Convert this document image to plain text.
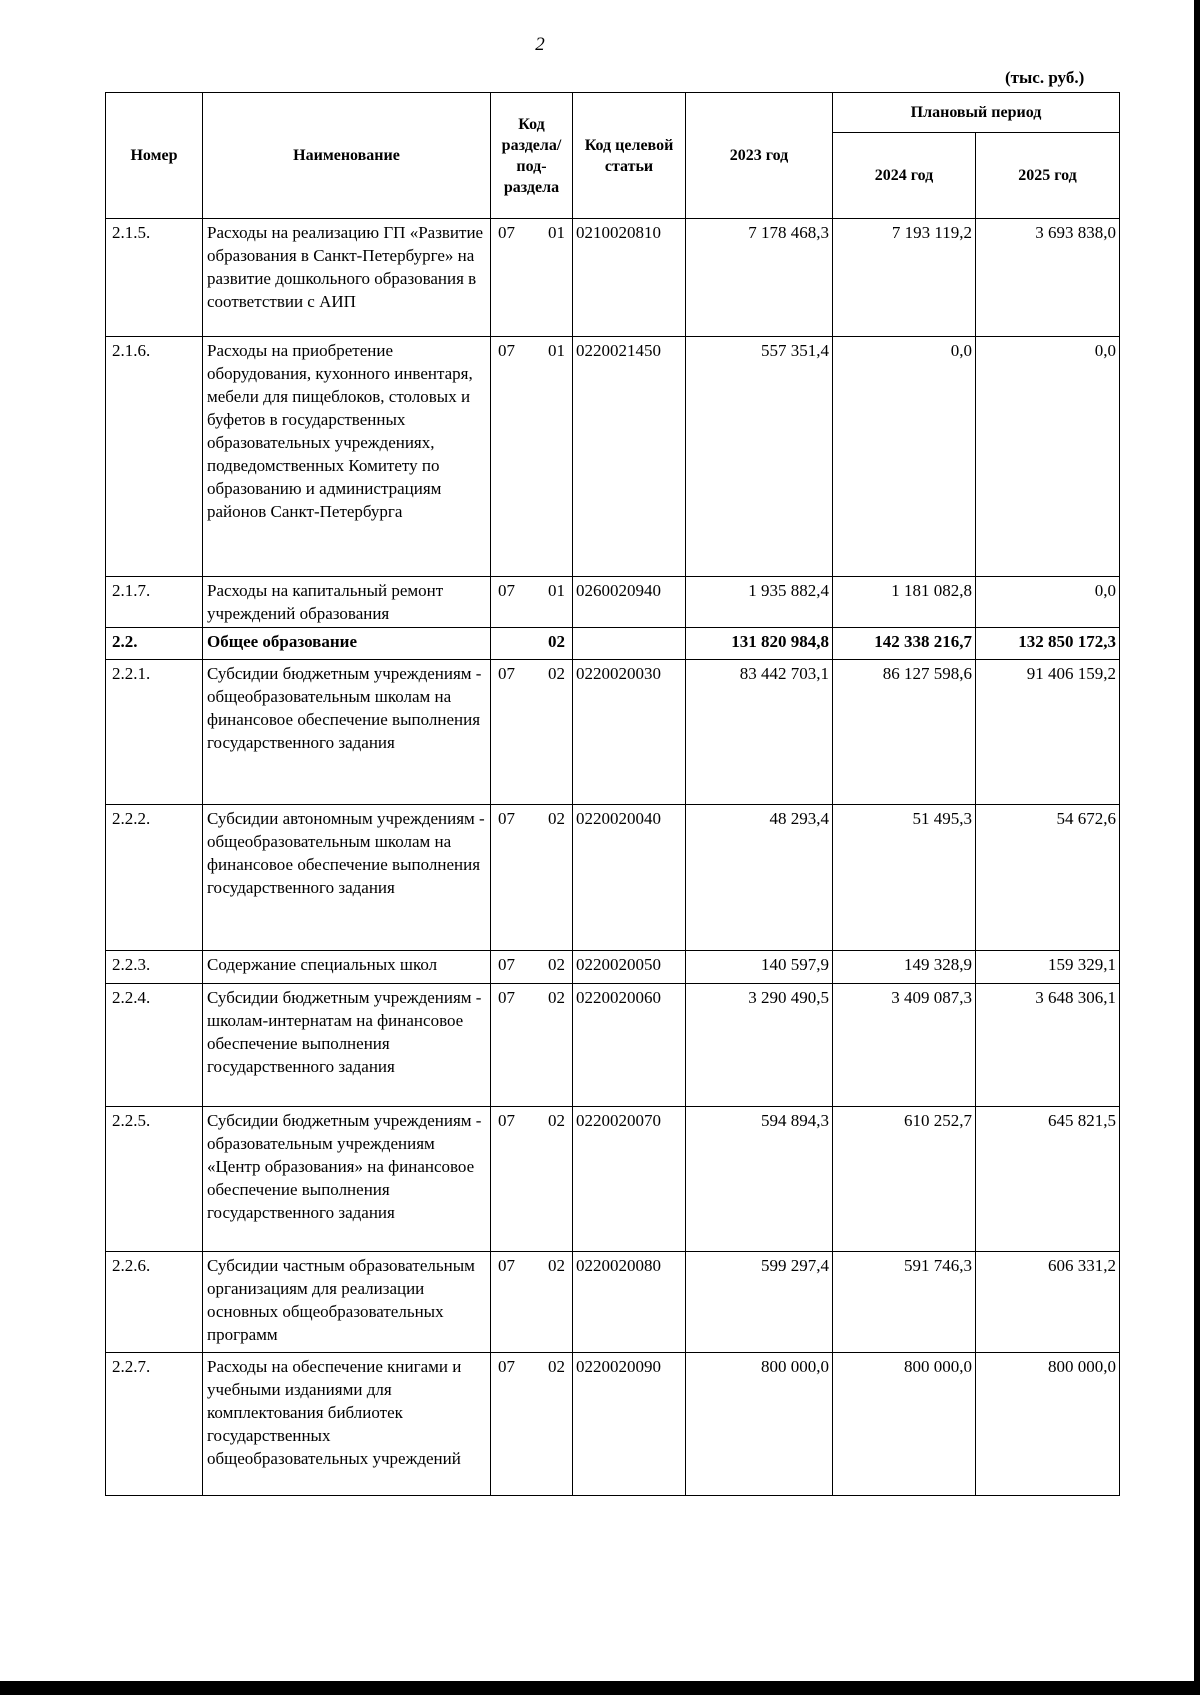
2
(тыс. руб.)
Номер	Наименование	Код раздела/ под-раздела	Код целевой статьи	2023 год	Плановый период	
					2024 год	2025 год
2.1.5.	Расходы на реализацию ГП «Развитие образования в Санкт-Петербурге» на развитие дошкольного образования в соответствии с АИП	07 01	0210020810	7 178 468,3	7 193 119,2	3 693 838,0
2.1.6.	Расходы на приобретение оборудования, кухонного инвентаря, мебели для пищеблоков, столовых и буфетов в государственных образовательных учреждениях, подведомственных Комитету по образованию и администрациям районов Санкт-Петербурга	07 01	0220021450	557 351,4	0,0	0,0
2.1.7.	Расходы на капитальный ремонт учреждений образования	07 01	0260020940	1 935 882,4	1 181 082,8	0,0
2.2.	Общее образование	02		131 820 984,8	142 338 216,7	132 850 172,3
2.2.1.	Субсидии бюджетным учреждениям - общеобразовательным школам на финансовое обеспечение выполнения государственного задания	07 02	0220020030	83 442 703,1	86 127 598,6	91 406 159,2
2.2.2.	Субсидии автономным учреждениям - общеобразовательным школам на финансовое обеспечение выполнения государственного задания	07 02	0220020040	48 293,4	51 495,3	54 672,6
2.2.3.	Содержание специальных школ	07 02	0220020050	140 597,9	149 328,9	159 329,1
2.2.4.	Субсидии бюджетным учреждениям - школам-интернатам на финансовое обеспечение выполнения государственного задания	07 02	0220020060	3 290 490,5	3 409 087,3	3 648 306,1
2.2.5.	Субсидии бюджетным учреждениям - образовательным учреждениям «Центр образования» на финансовое обеспечение выполнения государственного задания	07 02	0220020070	594 894,3	610 252,7	645 821,5
2.2.6.	Субсидии частным образовательным организациям для реализации основных общеобразовательных программ	07 02	0220020080	599 297,4	591 746,3	606 331,2
2.2.7.	Расходы на обеспечение книгами и учебными изданиями для комплектования библиотек государственных общеобразовательных учреждений	07 02	0220020090	800 000,0	800 000,0	800 000,0
